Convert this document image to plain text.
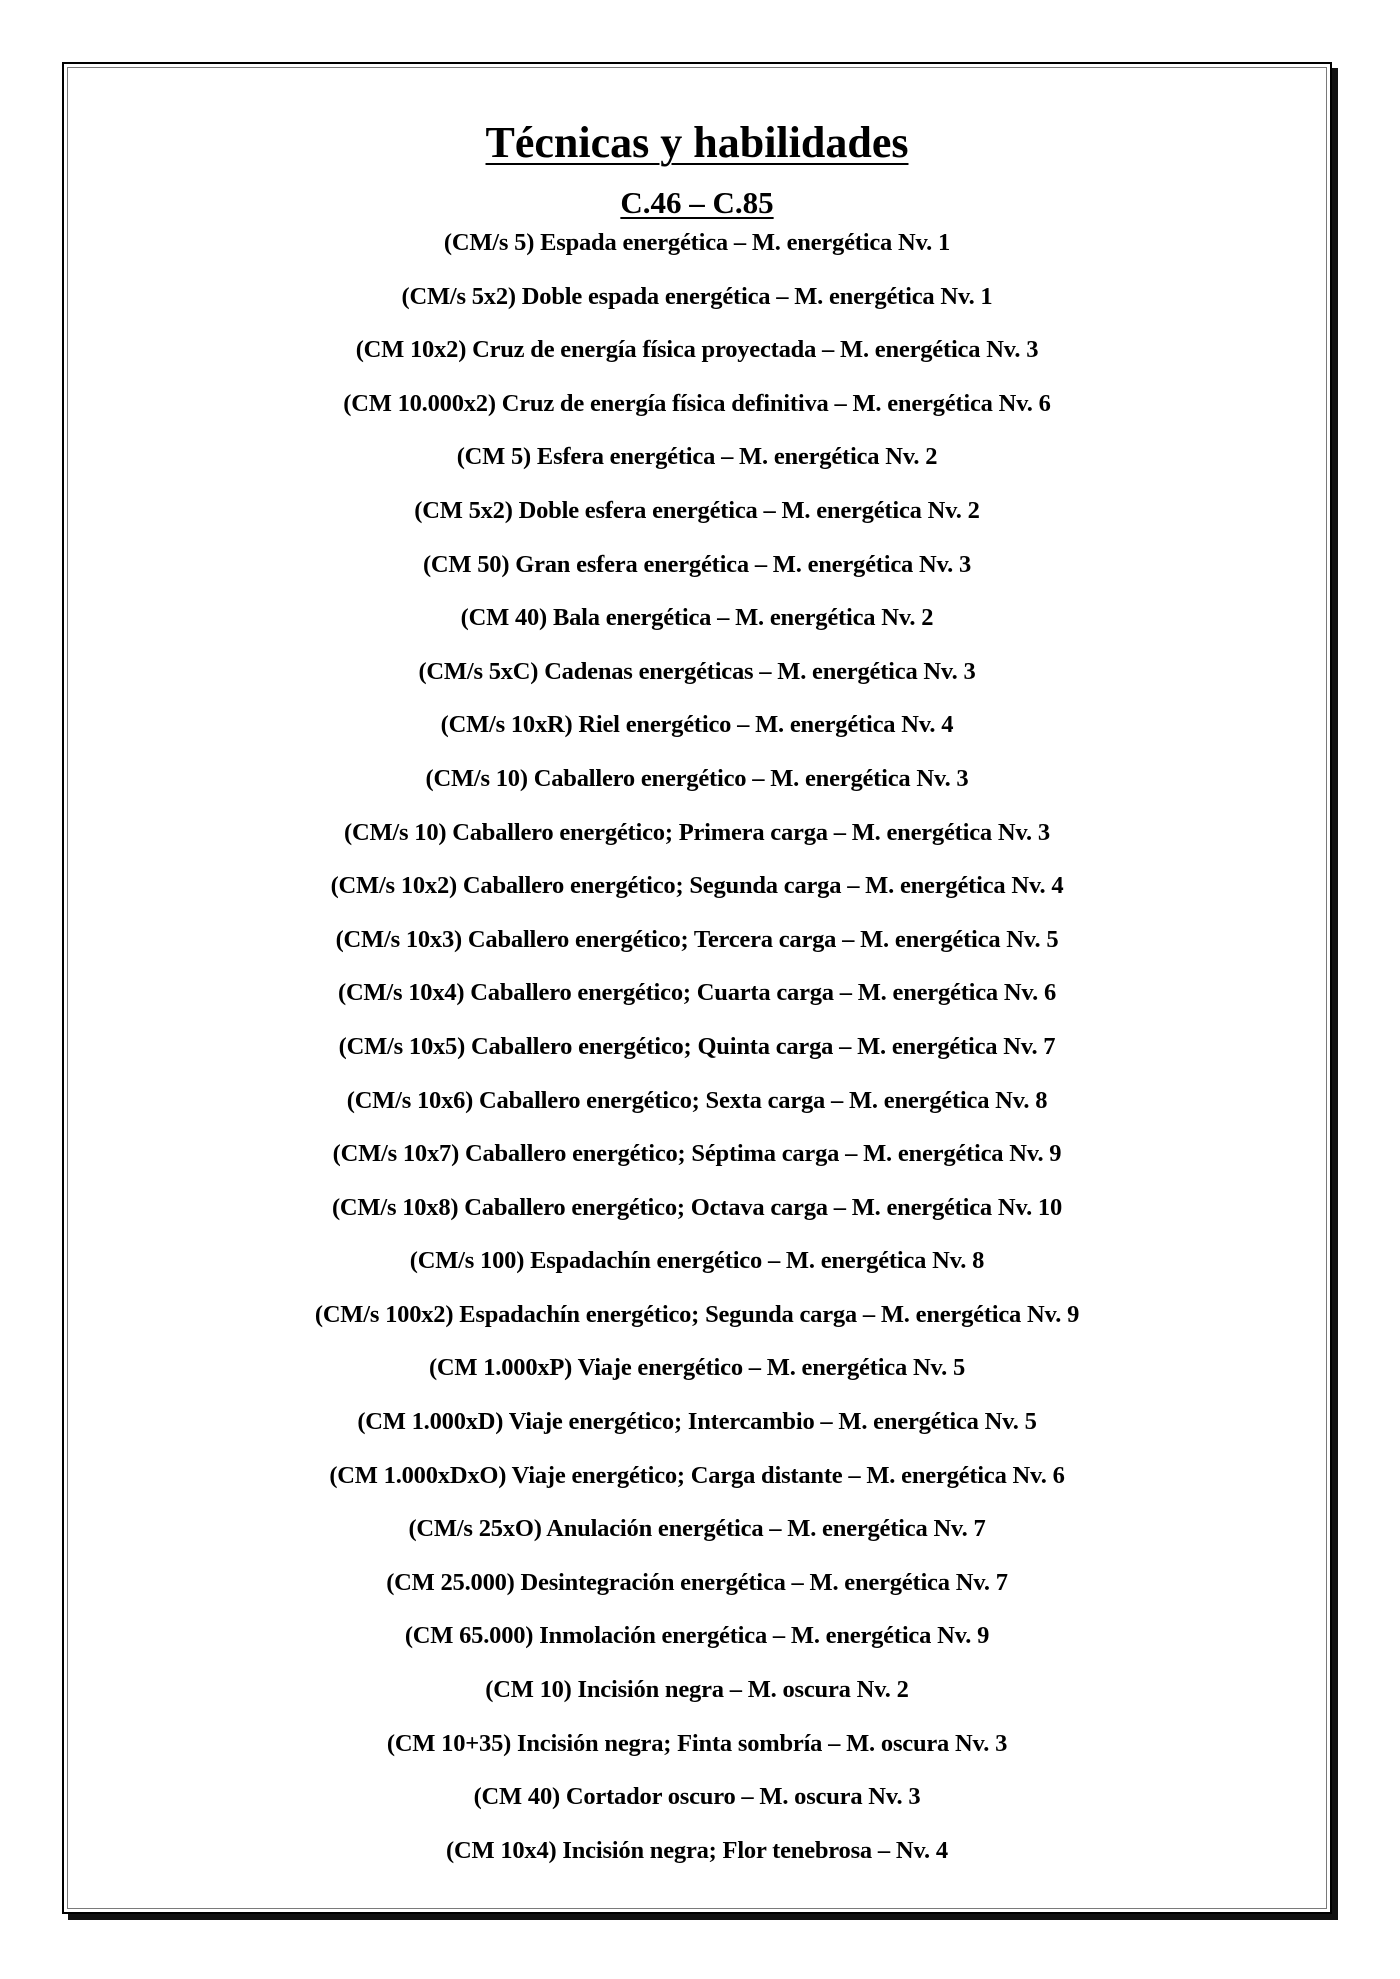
Técnicas y habilidades
C.46 – C.85
(CM/s 5) Espada energética – M. energética Nv. 1
(CM/s 5x2) Doble espada energética – M. energética Nv. 1
(CM 10x2) Cruz de energía física proyectada – M. energética Nv. 3
(CM 10.000x2) Cruz de energía física definitiva – M. energética Nv. 6
(CM 5) Esfera energética – M. energética Nv. 2
(CM 5x2) Doble esfera energética – M. energética Nv. 2
(CM 50) Gran esfera energética – M. energética Nv. 3
(CM 40) Bala energética – M. energética Nv. 2
(CM/s 5xC) Cadenas energéticas – M. energética Nv. 3
(CM/s 10xR) Riel energético – M. energética Nv. 4
(CM/s 10) Caballero energético – M. energética Nv. 3
(CM/s 10) Caballero energético; Primera carga – M. energética Nv. 3
(CM/s 10x2) Caballero energético; Segunda carga – M. energética Nv. 4
(CM/s 10x3) Caballero energético; Tercera carga – M. energética Nv. 5
(CM/s 10x4) Caballero energético; Cuarta carga – M. energética Nv. 6
(CM/s 10x5) Caballero energético; Quinta carga – M. energética Nv. 7
(CM/s 10x6) Caballero energético; Sexta carga – M. energética Nv. 8
(CM/s 10x7) Caballero energético; Séptima carga – M. energética Nv. 9
(CM/s 10x8) Caballero energético; Octava carga – M. energética Nv. 10
(CM/s 100) Espadachín energético – M. energética Nv. 8
(CM/s 100x2) Espadachín energético; Segunda carga – M. energética Nv. 9
(CM 1.000xP) Viaje energético – M. energética Nv. 5
(CM 1.000xD) Viaje energético; Intercambio – M. energética Nv. 5
(CM 1.000xDxO) Viaje energético; Carga distante – M. energética Nv. 6
(CM/s 25xO) Anulación energética – M. energética Nv. 7
(CM 25.000) Desintegración energética – M. energética Nv. 7
(CM 65.000) Inmolación energética – M. energética Nv. 9
(CM 10) Incisión negra – M. oscura Nv. 2
(CM 10+35) Incisión negra; Finta sombría – M. oscura Nv. 3
(CM 40) Cortador oscuro – M. oscura Nv. 3
(CM 10x4) Incisión negra; Flor tenebrosa – Nv. 4
